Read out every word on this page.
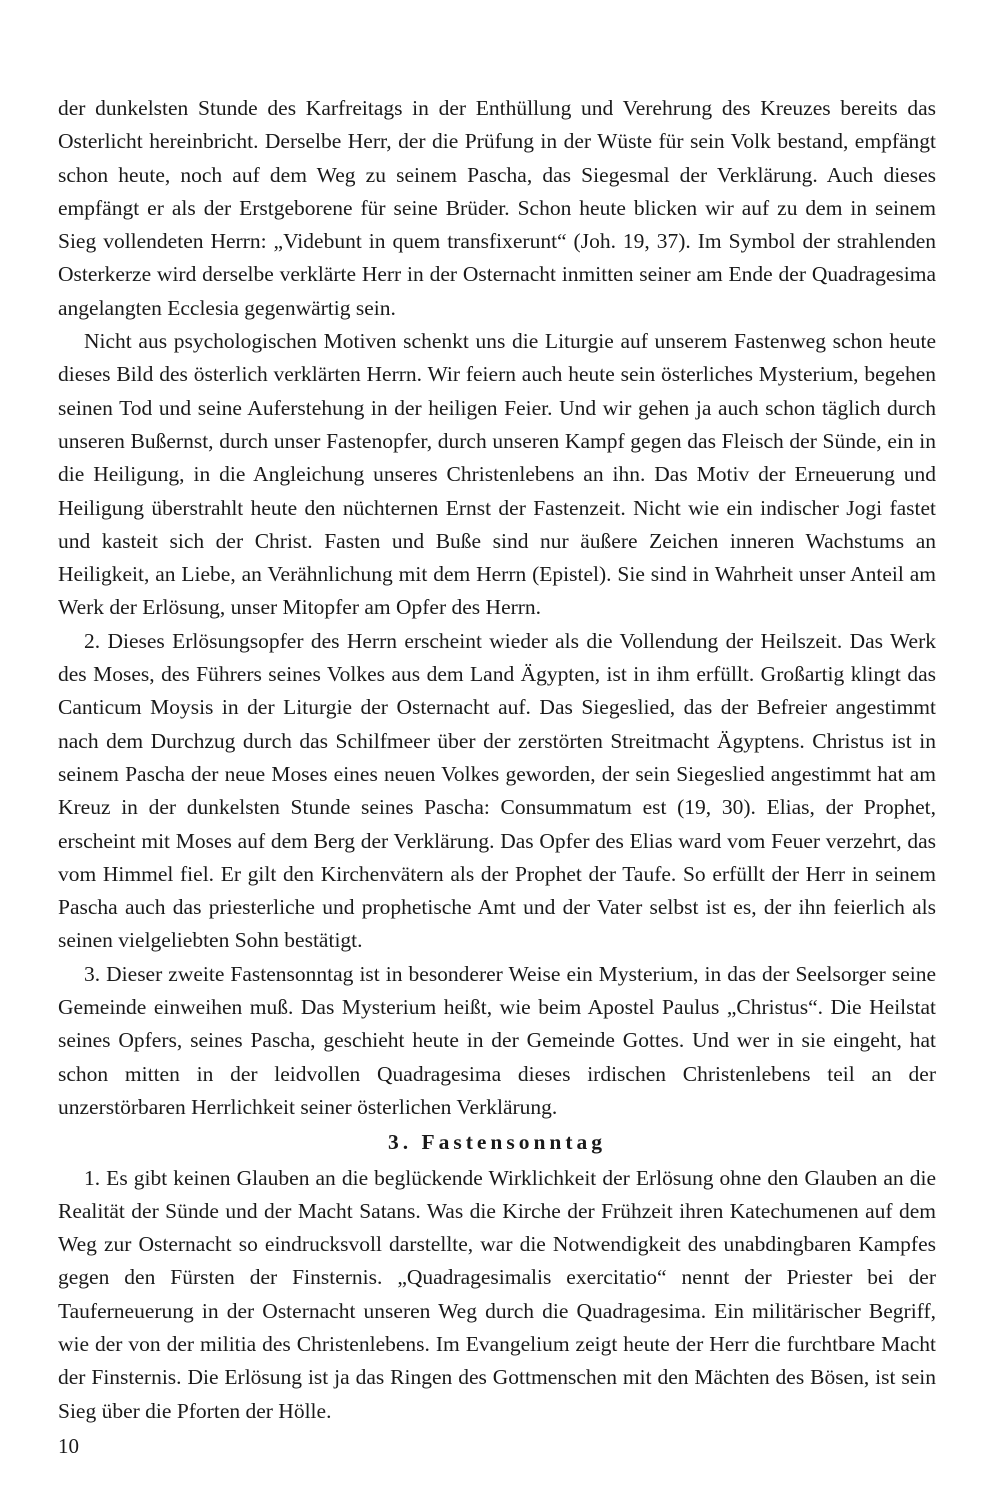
der dunkelsten Stunde des Karfreitags in der Enthüllung und Verehrung des Kreuzes bereits das Osterlicht hereinbricht. Derselbe Herr, der die Prüfung in der Wüste für sein Volk bestand, empfängt schon heute, noch auf dem Weg zu seinem Pascha, das Siegesmal der Verklärung. Auch dieses empfängt er als der Erstgeborene für seine Brüder. Schon heute blicken wir auf zu dem in seinem Sieg vollendeten Herrn: „Videbunt in quem transfixerunt“ (Joh. 19, 37). Im Symbol der strahlenden Osterkerze wird derselbe verklärte Herr in der Osternacht inmitten seiner am Ende der Quadragesima angelangten Ecclesia gegenwärtig sein.

Nicht aus psychologischen Motiven schenkt uns die Liturgie auf unserem Fastenweg schon heute dieses Bild des österlich verklärten Herrn. Wir feiern auch heute sein österliches Mysterium, begehen seinen Tod und seine Auferstehung in der heiligen Feier. Und wir gehen ja auch schon täglich durch unseren Bußernst, durch unser Fastenopfer, durch unseren Kampf gegen das Fleisch der Sünde, ein in die Heiligung, in die Angleichung unseres Christenlebens an ihn. Das Motiv der Erneuerung und Heiligung überstrahlt heute den nüchternen Ernst der Fastenzeit. Nicht wie ein indischer Jogi fastet und kasteit sich der Christ. Fasten und Buße sind nur äußere Zeichen inneren Wachstums an Heiligkeit, an Liebe, an Verähnlichung mit dem Herrn (Epistel). Sie sind in Wahrheit unser Anteil am Werk der Erlösung, unser Mitopfer am Opfer des Herrn.

2. Dieses Erlösungsopfer des Herrn erscheint wieder als die Vollendung der Heilszeit. Das Werk des Moses, des Führers seines Volkes aus dem Land Ägypten, ist in ihm erfüllt. Großartig klingt das Canticum Moysis in der Liturgie der Osternacht auf. Das Siegeslied, das der Befreier angestimmt nach dem Durchzug durch das Schilfmeer über der zerstörten Streitmacht Ägyptens. Christus ist in seinem Pascha der neue Moses eines neuen Volkes geworden, der sein Siegeslied angestimmt hat am Kreuz in der dunkelsten Stunde seines Pascha: Consummatum est (19, 30). Elias, der Prophet, erscheint mit Moses auf dem Berg der Verklärung. Das Opfer des Elias ward vom Feuer verzehrt, das vom Himmel fiel. Er gilt den Kirchenvätern als der Prophet der Taufe. So erfüllt der Herr in seinem Pascha auch das priesterliche und prophetische Amt und der Vater selbst ist es, der ihn feierlich als seinen vielgeliebten Sohn bestätigt.

3. Dieser zweite Fastensonntag ist in besonderer Weise ein Mysterium, in das der Seelsorger seine Gemeinde einweihen muß. Das Mysterium heißt, wie beim Apostel Paulus „Christus“. Die Heilstat seines Opfers, seines Pascha, geschieht heute in der Gemeinde Gottes. Und wer in sie eingeht, hat schon mitten in der leidvollen Quadragesima dieses irdischen Christenlebens teil an der unzerstörbaren Herrlichkeit seiner österlichen Verklärung.

3. Fastensonntag

1. Es gibt keinen Glauben an die beglückende Wirklichkeit der Erlösung ohne den Glauben an die Realität der Sünde und der Macht Satans. Was die Kirche der Frühzeit ihren Katechumenen auf dem Weg zur Osternacht so eindrucksvoll darstellte, war die Notwendigkeit des unabdingbaren Kampfes gegen den Fürsten der Finsternis. „Quadragesimalis exercitatio“ nennt der Priester bei der Tauferneuerung in der Osternacht unseren Weg durch die Quadragesima. Ein militärischer Begriff, wie der von der militia des Christenlebens. Im Evangelium zeigt heute der Herr die furchtbare Macht der Finsternis. Die Erlösung ist ja das Ringen des Gottmenschen mit den Mächten des Bösen, ist sein Sieg über die Pforten der Hölle.

10
